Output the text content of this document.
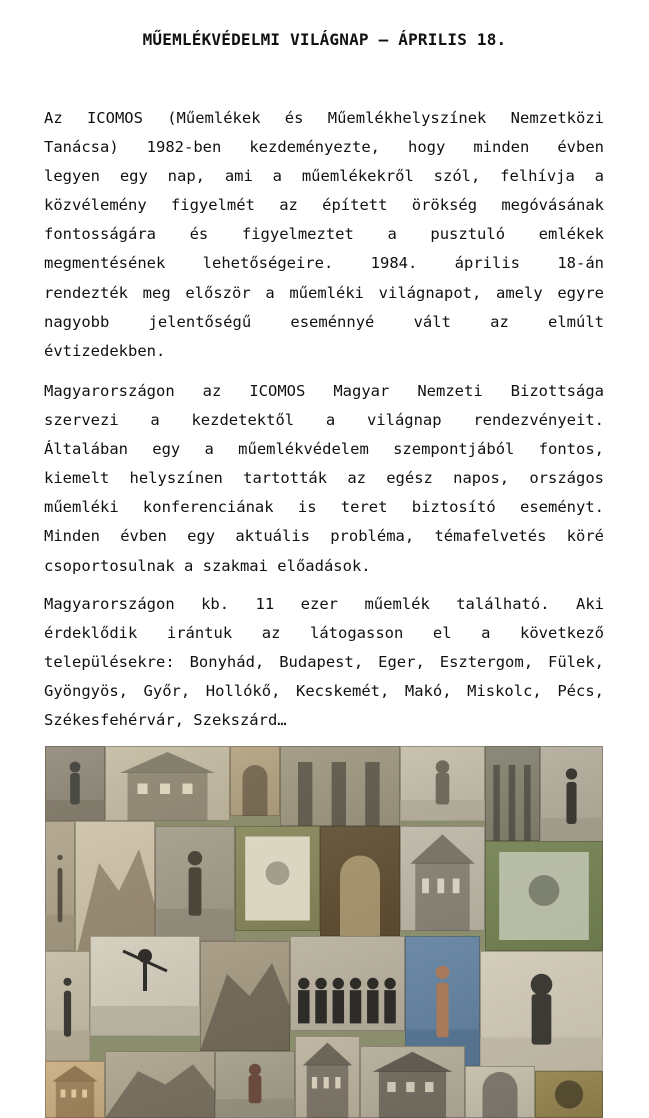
MŰEMLÉKVÉDELMI VILÁGNAP – ÁPRILIS 18.
Az ICOMOS (Műemlékek és Műemlékhelyszínek Nemzetközi
Tanácsa) 1982-ben kezdeményezte, hogy minden évben
legyen egy nap, ami a műemlékekről szól, felhívja a
közvélemény figyelmét az épített örökség megóvásának
fontosságára és figyelmeztet a pusztuló emlékek
megmentésének lehetőségeire. 1984. április 18-án
rendezték meg először a műemléki világnapot, amely egyre
nagyobb jelentőségű eseménnyé vált az elmúlt
évtizedekben.
Magyarországon az ICOMOS Magyar Nemzeti Bizottsága
szervezi a kezdetektől a világnap rendezvényeit.
Általában egy a műemlékvédelem szempontjából fontos,
kiemelt helyszínen tartották az egész napos, országos
műemléki konferenciának is teret biztosító eseményt.
Minden évben egy aktuális probléma, témafelvetés köré
csoportosulnak a szakmai előadások.
Magyarországon kb. 11 ezer műemlék található. Aki
érdeklődik irántuk az látogasson el a következő
településekre: Bonyhád, Budapest, Eger, Esztergom, Fülek,
Gyöngyös, Győr, Hollókő, Kecskemét, Makó, Miskolc, Pécs,
Székesfehérvár, Szekszárd…
